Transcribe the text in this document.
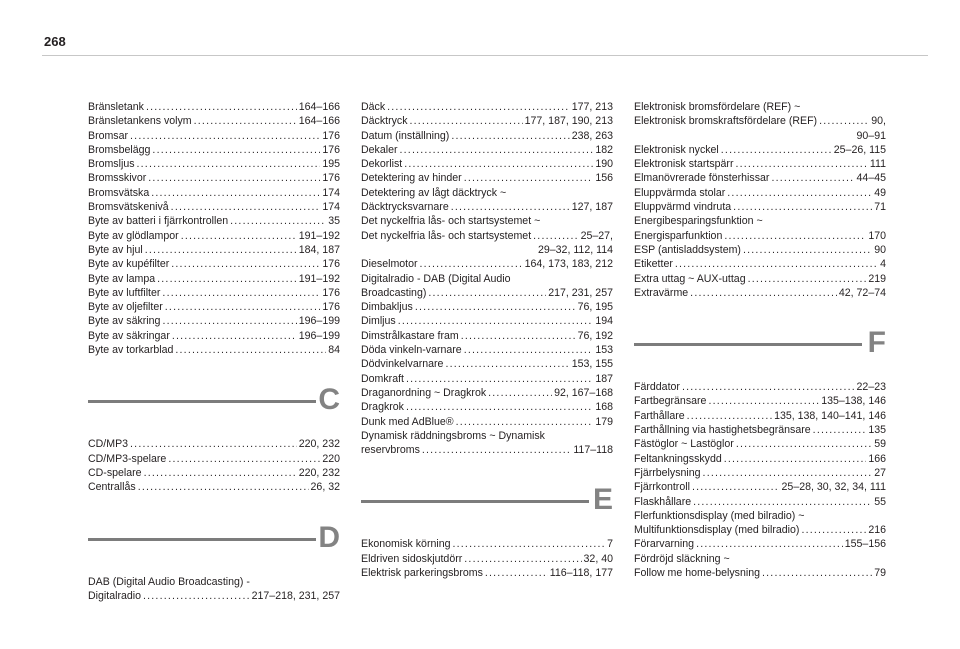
268
Bränsletank .....	164–166
Bränsletankens volym .....	164–166
Bromsar .....	176
Bromsbelägg .....	176
Bromsljus .....	195
Bromsskivor .....	176
Bromsvätska .....	174
Bromsvätskenivå .....	174
Byte av batteri i fjärrkontrollen .....	35
Byte av glödlampor .....	191–192
Byte av hjul .....	184, 187
Byte av kupéfilter .....	176
Byte av lampa .....	191–192
Byte av luftfilter .....	176
Byte av oljefilter .....	176
Byte av säkring .....	196–199
Byte av säkringar .....	196–199
Byte av torkarblad .....	84
C
CD/MP3 .....	220, 232
CD/MP3-spelare .....	220
CD-spelare .....	220, 232
Centrallås .....	26, 32
D
DAB (Digital Audio Broadcasting) -
Digitalradio .....	217–218, 231, 257
Däck .....	177, 213
Däcktryck .....	177, 187, 190, 213
Datum (inställning) .....	238, 263
Dekaler .....	182
Dekorlist .....	190
Detektering av hinder .....	156
Detektering av lågt däcktryck ~
Däcktrycksvarnare .....	127, 187
Det nyckelfria lås- och startsystemet ~
Det nyckelfria lås- och startsystemet .....	25–27,
29–32, 112, 114
Dieselmotor .....	164, 173, 183, 212
Digitalradio - DAB (Digital Audio
Broadcasting) .....	217, 231, 257
Dimbakljus .....	76, 195
Dimljus .....	194
Dimstrålkastare fram .....	76, 192
Döda vinkeln-varnare .....	153
Dödvinkelvarnare .....	153, 155
Domkraft .....	187
Draganordning ~ Dragkrok .....	92, 167–168
Dragkrok .....	168
Dunk med AdBlue® .....	179
Dynamisk räddningsbroms ~ Dynamisk
reservbroms .....	117–118
E
Ekonomisk körning .....	7
Eldriven sidoskjutdörr .....	32, 40
Elektrisk parkeringsbroms .....	116–118, 177
Elektronisk bromsfördelare (REF) ~
Elektronisk bromskraftsfördelare (REF) .....	90,
90–91
Elektronisk nyckel .....	25–26, 115
Elektronisk startspärr .....	111
Elmanövrerade fönsterhissar .....	44–45
Eluppvärmda stolar .....	49
Eluppvärmd vindruta .....	71
Energibesparingsfunktion ~
Energisparfunktion .....	170
ESP (antisladdsystem) .....	90
Etiketter .....	4
Extra uttag ~ AUX-uttag .....	219
Extravärme .....	42, 72–74
F
Färddator .....	22–23
Fartbegränsare .....	135–138, 146
Farthållare .....	135, 138, 140–141, 146
Farthållning via hastighetsbegränsare .....	135
Fästöglor ~ Lastöglor .....	59
Feltankningsskydd .....	166
Fjärrbelysning .....	27
Fjärrkontroll .....	25–28, 30, 32, 34, 111
Flaskhållare .....	55
Flerfunktionsdisplay (med bilradio) ~
Multifunktionsdisplay (med bilradio) .....	216
Förarvarning .....	155–156
Fördröjd släckning ~
Follow me home-belysning .....	79
